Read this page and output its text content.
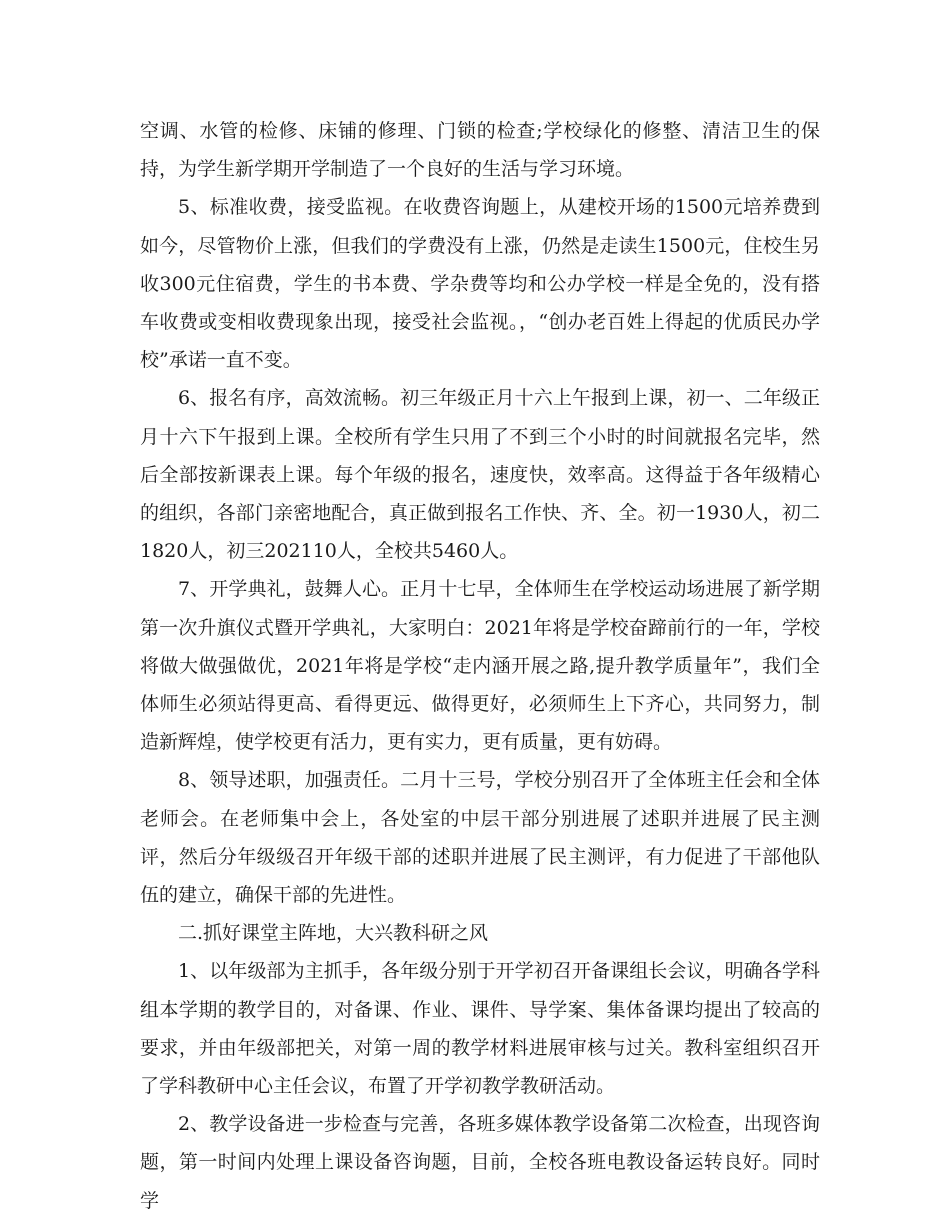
空调、水管的检修、床铺的修理、门锁的检查;学校绿化的修整、清洁卫生的保持，为学生新学期开学制造了一个良好的生活与学习环境。

5、标准收费，接受监视。在收费咨询题上，从建校开场的1500元培养费到如今，尽管物价上涨，但我们的学费没有上涨，仍然是走读生1500元，住校生另收300元住宿费，学生的书本费、学杂费等均和公办学校一样是全免的，没有搭车收费或变相收费现象出现，接受社会监视。，“创办老百姓上得起的优质民办学校”承诺一直不变。

6、报名有序，高效流畅。初三年级正月十六上午报到上课，初一、二年级正月十六下午报到上课。全校所有学生只用了不到三个小时的时间就报名完毕，然后全部按新课表上课。每个年级的报名，速度快，效率高。这得益于各年级精心的组织，各部门亲密地配合，真正做到报名工作快、齐、全。初一1930人，初二1820人，初三202110人，全校共5460人。

7、开学典礼，鼓舞人心。正月十七早，全体师生在学校运动场进展了新学期第一次升旗仪式暨开学典礼，大家明白：2021年将是学校奋蹄前行的一年，学校将做大做强做优，2021年将是学校“走内涵开展之路,提升教学质量年”，我们全体师生必须站得更高、看得更远、做得更好，必须师生上下齐心，共同努力，制造新辉煌，使学校更有活力，更有实力，更有质量，更有妨碍。

8、领导述职，加强责任。二月十三号，学校分别召开了全体班主任会和全体老师会。在老师集中会上，各处室的中层干部分别进展了述职并进展了民主测评，然后分年级级召开年级干部的述职并进展了民主测评，有力促进了干部他队伍的建立，确保干部的先进性。

二.抓好课堂主阵地，大兴教科研之风

1、以年级部为主抓手，各年级分别于开学初召开备课组长会议，明确各学科组本学期的教学目的，对备课、作业、课件、导学案、集体备课均提出了较高的要求，并由年级部把关，对第一周的教学材料进展审核与过关。教科室组织召开了学科教研中心主任会议，布置了开学初教学教研活动。

2、教学设备进一步检查与完善，各班多媒体教学设备第二次检查，出现咨询题，第一时间内处理上课设备咨询题，目前，全校各班电教设备运转良好。同时学
